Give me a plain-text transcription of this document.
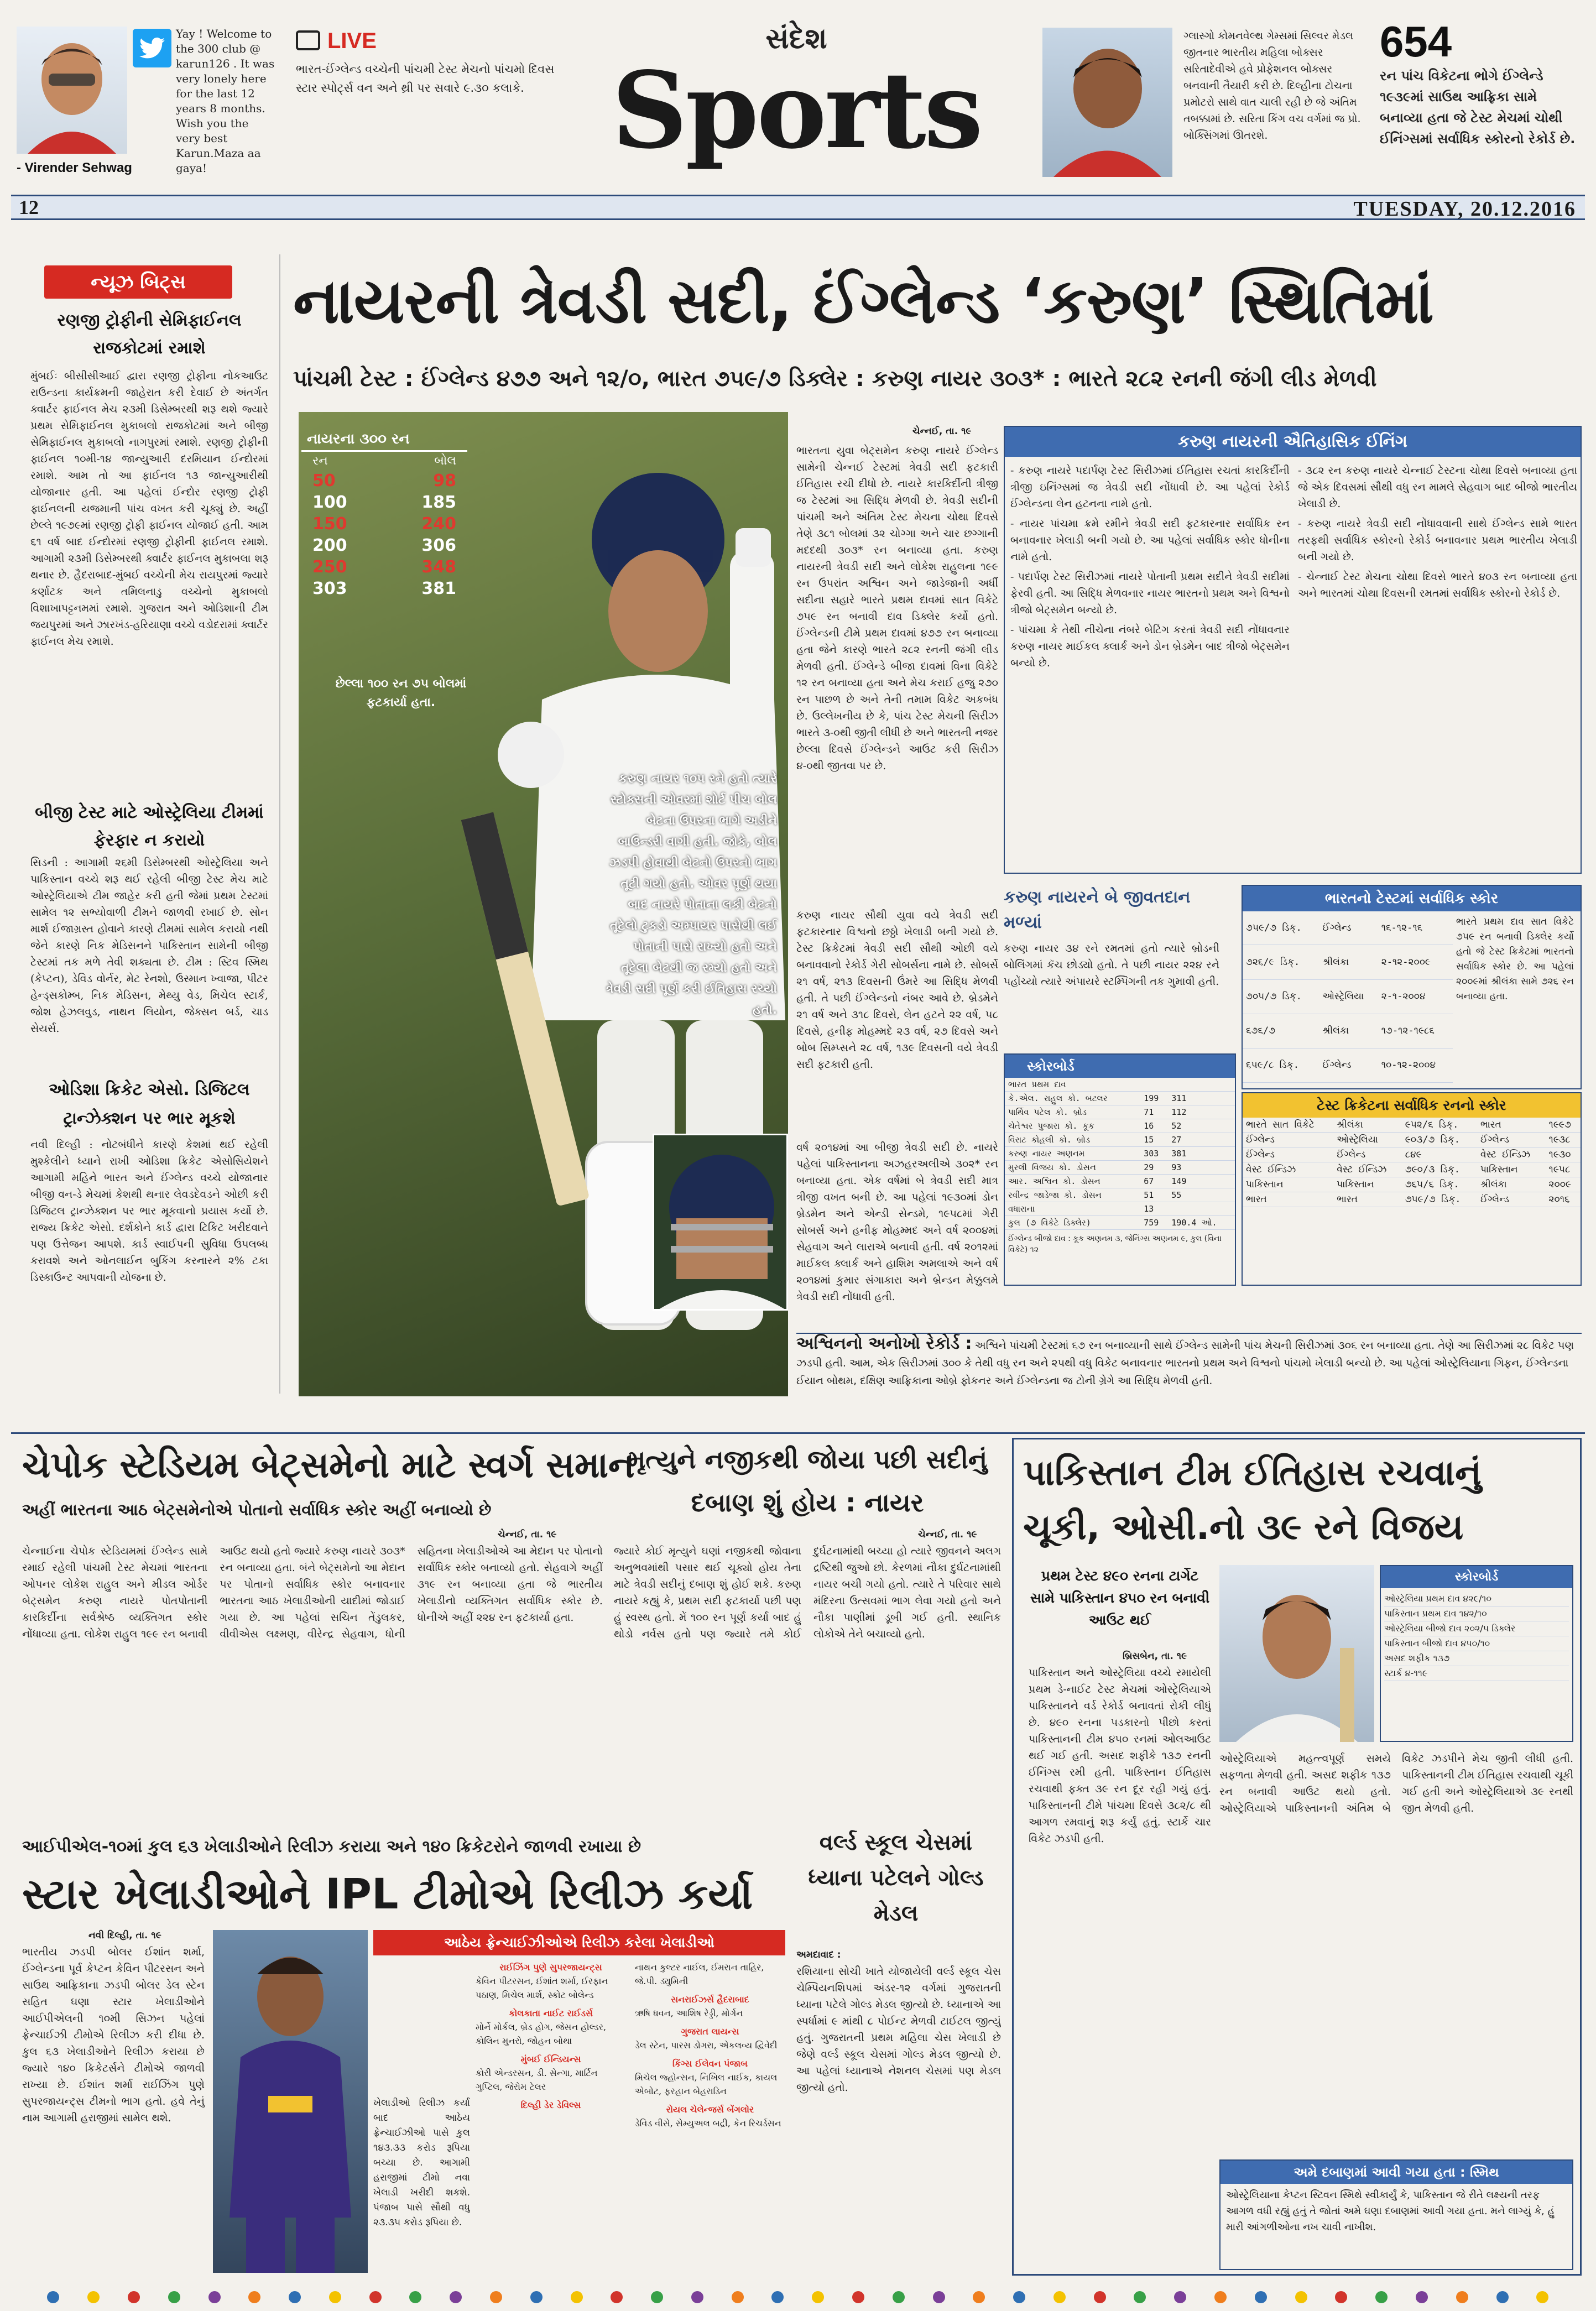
Yay ! Welcome to the 300 club @ karun126 . It was very lonely here for the last 12 years 8 months. Wish you the very best Karun.Maza aa gaya!
- Virender Sehwag
LIVE
ભારત-ઈંગ્લેન્ડ વચ્ચેની પાંચમી ટેસ્ટ મેચનો પાંચમો દિવસ સ્ટાર સ્પોર્ટ્સ વન અને થ્રી પર સવારે ૯.૩૦ કલાકે.
સંદેશ
Sports
ગ્લાસ્ગો કોમનવેલ્થ ગેમ્સમાં સિલ્વર મેડલ જીતનાર ભારતીય મહિલા બોક્સર સરિતાદેવીએ હવે પ્રોફેશનલ બોક્સર બનવાની તૈયારી કરી છે. દિલ્હીના ટોચના પ્રમોટરો સાથે વાત ચાલી રહી છે જે અંતિમ તબક્કામાં છે. સરિતા કિંગ વચ વર્ગમાં જ પ્રો. બોક્સિંગમાં ઊતરશે.
654
રન પાંચ વિકેટના ભોગે ઈંગ્લેન્ડે ૧૯૩૯માં સાઉથ આફ્રિકા સામે બનાવ્યા હતા જે ટેસ્ટ મેચમાં ચોથી ઈનિંગ્સમાં સર્વાધિક સ્કોરનો રેકોર્ડ છે.
12	TUESDAY, 20.12.2016
ન્યૂઝ બિટ્સ
રણજી ટ્રોફીની સેમિફાઈનલ રાજકોટમાં રમાશે
મુંબઈઃ બીસીસીઆઈ દ્વારા રણજી ટ્રોફીના નોકઆઉટ રાઉન્ડના કાર્યક્રમની જાહેરાત કરી દેવાઈ છે અંતર્ગત ક્વાર્ટર ફાઈનલ મેચ ૨૩મી ડિસેમ્બરથી શરૂ થશે જ્યારે પ્રથમ સેમિફાઈનલ મુકાબલો રાજકોટમાં અને બીજી સેમિફાઈનલ મુકાબલો નાગપુરમાં રમાશે. રણજી ટ્રોફીની ફાઈનલ ૧૦મી-૧૪ જાન્યુઆરી દરમિયાન ઈન્દોરમાં રમાશે. આમ તો આ ફાઈનલ ૧૩ જાન્યુઆરીથી યોજાનાર હતી. આ પહેલાં ઈન્દોર રણજી ટ્રોફી ફાઈનલની યજમાની પાંચ વખત કરી ચૂક્યું છે. અહીં છેલ્લે ૧૯૭૯માં રણજી ટ્રોફી ફાઈનલ યોજાઈ હતી. આમ ૬૧ વર્ષ બાદ ઈન્દોરમાં રણજી ટ્રોફીની ફાઈનલ રમાશે. આગામી ૨૩મી ડિસેમ્બરથી ક્વાર્ટર ફાઈનલ મુકાબલા શરૂ થનાર છે. હૈદરાબાદ-મુંબઈ વચ્ચેની મેચ રાયપુરમાં જ્યારે કર્ણાટક અને તમિલનાડુ વચ્ચેનો મુકાબલો વિશાખાપટ્ટનમમાં રમાશે. ગુજરાત અને ઓડિશાની ટીમ જયપુરમાં અને ઝારખંડ-હરિયાણા વચ્ચે વડોદરામાં ક્વાર્ટર ફાઈનલ મેચ રમાશે.
બીજી ટેસ્ટ માટે ઓસ્ટ્રેલિયા ટીમમાં ફેરફાર ન કરાયો
સિડની : આગામી ૨૬મી ડિસેમ્બરથી ઓસ્ટ્રેલિયા અને પાકિસ્તાન વચ્ચે શરૂ થઈ રહેલી બીજી ટેસ્ટ મેચ માટે ઓસ્ટ્રેલિયાએ ટીમ જાહેર કરી હતી જેમાં પ્રથમ ટેસ્ટમાં સામેલ ૧૨ સભ્યોવાળી ટીમને જાળવી રખાઈ છે. સોન માર્શ ઈજાગ્રસ્ત હોવાને કારણે ટીમમાં સામેલ કરાયો નથી જેને કારણે નિક મેડિસનને પાકિસ્તાન સામેની બીજી ટેસ્ટમાં તક મળે તેવી શક્યતા છે. ટીમ : સ્ટિવ સ્મિથ (કેપ્ટન), ડેવિડ વોર્નર, મેટ રેનશો, ઉસ્માન ખ્વાજા, પીટર હેન્ડ્સકોમ્બ, નિક મેડિસન, મેથ્યુ વેડ, મિચેલ સ્ટાર્ક, જોશ હેઝલવુડ, નાથન લિયોન, જેક્સન બર્ડ, ચાડ સેયર્સ.
ઓડિશા ક્રિકેટ એસો. ડિજિટલ ટ્રાન્ઝેક્શન પર ભાર મૂકશે
નવી દિલ્હી : નોટબંધીને કારણે કેશમાં થઈ રહેલી મુશ્કેલીને ધ્યાને રાખી ઓડિશા ક્રિકેટ એસોસિયેશને આગામી મહિને ભારત અને ઈંગ્લેન્ડ વચ્ચે યોજાનાર બીજી વન-ડે મેચમાં કેશથી થનાર લેવડદેવડને ઓછી કરી ડિજિટલ ટ્રાન્ઝેક્શન પર ભાર મૂકવાનો પ્રયાસ કર્યો છે. રાજ્ય ક્રિકેટ એસો. દર્શકોને કાર્ડ દ્વારા ટિકિટ ખરીદવાને પણ ઉત્તેજન આપશે. કાર્ડ સ્વાઈપની સુવિધા ઉપલબ્ધ કરાવશે અને ઓનલાઈન બુકિંગ કરનારને ૨% ટકા ડિસ્કાઉન્ટ આપવાની યોજના છે.
નાયરની ત્રેવડી સદી, ઈંગ્લેન્ડ ‘કરુણ’ સ્થિતિમાં
પાંચમી ટેસ્ટ : ઈંગ્લેન્ડ ૪૭૭ અને ૧૨/૦, ભારત ૭૫૯/૭ ડિક્લેર : કરુણ નાયર ૩૦૩* : ભારતે ૨૮૨ રનની જંગી લીડ મેળવી
નાયરના ૩૦૦ રન
રન	બોલ
50	98
100	185
150	240
200	306
250	348
303	381
છેલ્લા ૧૦૦ રન ૭૫ બોલમાં ફટકાર્યા હતા.
કરુણ નાયર ૧૦૫ રને હતો ત્યારે સ્ટોક્સની ઓવરમાં શોર્ટ પીચ બોલ બેટના ઉપરના ભાગે અડીને બાઉન્ડરી વાગી હતી. જોકે, બોલ ઝડપી હોવાથી બેટનો ઉપરનો ભાગ તૂટી ગયો હતો. ઓવર પૂર્ણ થયા બાદ નાયરે પોતાના લકી બેટનો તૂટેલો ટુકડો અમ્પાયર પાસેથી લઈ પોતાની પાસે રાખ્યો હતો અને તૂટેલા બેટથી જ રમ્યો હતો અને ત્રેવડી સદી પૂર્ણ કરી ઈતિહાસ રચ્યો હતો.
ચેન્નઈ, તા. ૧૯
ભારતના યુવા બેટ્સમેન કરુણ નાયરે ઈંગ્લેન્ડ સામેની ચેન્નઈ ટેસ્ટમાં ત્રેવડી સદી ફટકારી ઈતિહાસ રચી દીધો છે. નાયરે કારકિર્દીની ત્રીજી જ ટેસ્ટમાં આ સિદ્ધિ મેળવી છે. ત્રેવડી સદીની પાંચમી અને અંતિમ ટેસ્ટ મેચના ચોથા દિવસે તેણે ૩૮૧ બોલમાં ૩૨ ચોગ્ગા અને ચાર છગ્ગાની મદદથી ૩૦૩* રન બનાવ્યા હતા. કરુણ નાયરની ત્રેવડી સદી અને લોકેશ રાહુલના ૧૯૯ રન ઉપરાંત અશ્વિન અને જાડેજાની અર્ધી સદીના સહારે ભારતે પ્રથમ દાવમાં સાત વિકેટે ૭૫૯ રન બનાવી દાવ ડિક્લેર કર્યો હતો. ઈંગ્લેન્ડની ટીમે પ્રથમ દાવમાં ૪૭૭ રન બનાવ્યા હતા જેને કારણે ભારતે ૨૮૨ રનની જંગી લીડ મેળવી હતી. ઈંગ્લેન્ડે બીજા દાવમાં વિના વિકેટે ૧૨ રન બનાવ્યા હતા અને મેચ કરાઈ હજુ ૨૭૦ રન પાછળ છે અને તેની તમામ વિકેટ અકબંધ છે. ઉલ્લેખનીય છે કે, પાંચ ટેસ્ટ મેચની સિરીઝ ભારતે ૩-૦થી જીતી લીધી છે અને ભારતની નજર છેલ્લા દિવસે ઈંગ્લેન્ડને આઉટ કરી સિરીઝ ૪-૦થી જીતવા પર છે.
કરુણ નાયર સૌથી યુવા વયે ત્રેવડી સદી ફટકારનાર વિશ્વનો છઠ્ઠો ખેલાડી બની ગયો છે. ટેસ્ટ ક્રિકેટમાં ત્રેવડી સદી સૌથી ઓછી વયે બનાવવાનો રેકોર્ડ ગેરી સોબર્સના નામે છે. સોબર્સે ૨૧ વર્ષ, ૨૧૩ દિવસની ઉંમરે આ સિદ્ધિ મેળવી હતી. તે પછી ઈંગ્લેન્ડનો નંબર આવે છે. બ્રેડમેને ૨૧ વર્ષ અને ૩૧૮ દિવસે, લેન હટને ૨૨ વર્ષ, ૫૮ દિવસે, હનીફ મોહમ્મદે ૨૩ વર્ષ, ૨૭ દિવસે અને બોબ સિમ્પ્સને ૨૮ વર્ષ, ૧૩૯ દિવસની વયે ત્રેવડી સદી ફટકારી હતી.
વર્ષ ૨૦૧૪માં આ બીજી ત્રેવડી સદી છે. નાયરે પહેલાં પાકિસ્તાનના અઝહરઅલીએ ૩૦૨* રન બનાવ્યા હતા. એક વર્ષમાં બે ત્રેવડી સદી માત્ર ત્રીજી વખત બની છે. આ પહેલાં ૧૯૩૦માં ડોન બ્રેડમેન અને એન્ડી સેન્ડમે, ૧૯૫૮માં ગેરી સોબર્સ અને હનીફ મોહમ્મદ અને વર્ષ ૨૦૦૪માં સેહવાગ અને લારાએ બનાવી હતી. વર્ષ ૨૦૧૨માં માઈકલ ક્લાર્ક અને હાશિમ અમલાએ અને વર્ષ ૨૦૧૪માં કુમાર સંગાકારા અને બ્રેન્ડન મેક્કુલમે ત્રેવડી સદી નોંધાવી હતી.
કરુણ નાયરની ઐતિહાસિક ઈનિંગ

- કરુણ નાયરે પદાર્પણ ટેસ્ટ સિરીઝમાં ઈતિહાસ રચતાં કારકિર્દીની ત્રીજી ઇનિંગ્સમાં જ ત્રેવડી સદી નોંધાવી છે. આ પહેલાં રેકોર્ડ ઈંગ્લેન્ડના લેન હટનના નામે હતો.

- નાયર પાંચમા ક્રમે રમીને ત્રેવડી સદી ફટકારનાર સર્વાધિક રન બનાવનાર ખેલાડી બની ગયો છે. આ પહેલાં સર્વાધિક સ્કોર ધોનીના નામે હતો.

- પદાર્પણ ટેસ્ટ સિરીઝમાં નાયરે પોતાની પ્રથમ સદીને ત્રેવડી સદીમાં ફેરવી હતી. આ સિદ્ધિ મેળવનાર નાયર ભારતનો પ્રથમ અને વિશ્વનો ત્રીજો બેટ્સમેન બન્યો છે.

- પાંચમા કે તેથી નીચેના નંબરે બેટિંગ કરતાં ત્રેવડી સદી નોંધાવનાર કરુણ નાયર માઈકલ ક્લાર્ક અને ડોન બ્રેડમેન બાદ ત્રીજો બેટ્સમેન બન્યો છે.

- ૩૮૨ રન કરુણ નાયરે ચેન્નાઈ ટેસ્ટના ચોથા દિવસે બનાવ્યા હતા જે એક દિવસમાં સૌથી વધુ રન મામલે સેહવાગ બાદ બીજો ભારતીય ખેલાડી છે.

- કરુણ નાયરે ત્રેવડી સદી નોંધાવવાની સાથે ઈંગ્લેન્ડ સામે ભારત તરફથી સર્વાધિક સ્કોરનો રેકોર્ડ બનાવનાર પ્રથમ ભારતીય ખેલાડી બની ગયો છે.

- ચેન્નાઈ ટેસ્ટ મેચના ચોથા દિવસે ભારતે ૪૦૩ રન બનાવ્યા હતા અને ભારતમાં ચોથા દિવસની રમતમાં સર્વાધિક સ્કોરનો રેકોર્ડ છે.

કરુણ નાયરને બે જીવતદાન મળ્યાં
કરુણ નાયર ૩૪ રને રમતમાં હતો ત્યારે બ્રોડની બોલિંગમાં કૅચ છોડ્યો હતો. તે પછી નાયર ૨૨૪ રને પહોંચ્યો ત્યારે અંપાયરે સ્ટમ્પિંગની તક ગુમાવી હતી.
સ્કોરબોર્ડ
ભારત પ્રથમ દાવ		
કે.એલ. રાહુલ કો. બટલર	199	311
પાર્થિવ પટેલ કો. બ્રોડ	71	112
ચેતેશ્વર પુજારા કો. કૂક	16	52
વિરાટ કોહલી કો. બ્રોડ	15	27
કરુણ નાયર અણનમ	303	381
મુરલી વિજય કો. ડોસન	29	93
આર. અશ્વિન કો. ડોસન	67	149
રવીન્દ્ર જાડેજા કો. ડોસન	51	55
વધારાના	13	
કુલ (૭ વિકેટે ડિક્લેર)	759	190.4 ઓ.
ઈંગ્લેન્ડ બીજો દાવ : કૂક અણનમ ૩, જેનિંગ્સ અણનમ ૯, કુલ (વિના વિકેટે) ૧૨
ભારતનો ટેસ્ટમાં સર્વાધિક સ્કોર
૭૫૯/૭ ડિક્.	ઈંગ્લેન્ડ	૧૬-૧૨-૧૬
૭૨૬/૯ ડિક્.	શ્રીલંકા	૨-૧૨-૨૦૦૯
૭૦૫/૭ ડિક્.	ઓસ્ટ્રેલિયા	૨-૧-૨૦૦૪
૬૭૬/૭	શ્રીલંકા	૧૭-૧૨-૧૯૮૬
૬૫૯/૮ ડિક્.	ઈંગ્લેન્ડ	૧૦-૧૨-૨૦૦૪
ભારતે પ્રથમ દાવ સાત વિકેટે ૭૫૯ રન બનાવી ડિક્લેર કર્યો હતો જે ટેસ્ટ ક્રિકેટમાં ભારતનો સર્વાધિક સ્કોર છે. આ પહેલાં ૨૦૦૯માં શ્રીલંકા સામે ૭૨૬ રન બનાવ્યા હતા.
ટેસ્ટ ક્રિકેટના સર્વાધિક રનનો સ્કોર
ભારતે સાત વિકેટે	શ્રીલંકા	૯૫૨/૬ ડિક્.	ભારત	૧૯૯૭
ઈંગ્લેન્ડ	ઓસ્ટ્રેલિયા	૯૦૩/૭ ડિક્.	ઈંગ્લેન્ડ	૧૯૩૮
ઈંગ્લેન્ડ	ઈંગ્લેન્ડ	૮૪૯	વેસ્ટ ઈન્ડિઝ	૧૯૩૦
વેસ્ટ ઈન્ડિઝ	વેસ્ટ ઈન્ડિઝ	૭૯૦/૩ ડિક્.	પાકિસ્તાન	૧૯૫૮
પાકિસ્તાન	પાકિસ્તાન	૭૬૫/૬ ડિક્.	શ્રીલંકા	૨૦૦૯
ભારત	ભારત	૭૫૯/૭ ડિક્.	ઈંગ્લેન્ડ	૨૦૧૬
અશ્વિનનો અનોખો રેકોર્ડ : અશ્વિને પાંચમી ટેસ્ટમાં ૬૭ રન બનાવ્યાની સાથે ઈંગ્લેન્ડ સામેની પાંચ મેચની સિરીઝમાં ૩૦૬ રન બનાવ્યા હતા. તેણે આ સિરીઝમાં ૨૮ વિકેટ પણ ઝડપી હતી. આમ, એક સિરીઝમાં ૩૦૦ કે તેથી વધુ રન અને ૨૫થી વધુ વિકેટ બનાવનાર ભારતનો પ્રથમ અને વિશ્વનો પાંચમો ખેલાડી બન્યો છે. આ પહેલાં ઓસ્ટ્રેલિયાના ગિફન, ઈંગ્લેન્ડના ઈયાન બોથમ, દક્ષિણ આફ્રિકાના ઓબ્રે ફોકનર અને ઈંગ્લેન્ડના જ ટોની ગ્રેગે આ સિદ્ધિ મેળવી હતી.
ચેપોક સ્ટેડિયમ બેટ્સમેનો માટે સ્વર્ગ સમાન
અહીં ભારતના આઠ બેટ્સમેનોએ પોતાનો સર્વાધિક સ્કોર અહીં બનાવ્યો છે
ચેન્નઈ, તા. ૧૯
ચેન્નાઈના ચેપોક સ્ટેડિયમમાં ઈંગ્લેન્ડ સામે રમાઈ રહેલી પાંચમી ટેસ્ટ મેચમાં ભારતના ઓપનર લોકેશ રાહુલ અને મીડલ ઓર્ડર બેટ્સમેન કરુણ નાયરે પોતપોતાની કારકિર્દીના સર્વશ્રેષ્ઠ વ્યક્તિગત સ્કોર નોંધાવ્યા હતા. લોકેશ રાહુલ ૧૯૯ રન બનાવી આઉટ થયો હતો જ્યારે કરુણ નાયરે ૩૦૩* રન બનાવ્યા હતા. બંને બેટ્સમેનો આ મેદાન પર પોતાનો સર્વાધિક સ્કોર બનાવનાર ભારતના આઠ ખેલાડીઓની યાદીમાં જોડાઈ ગયા છે. આ પહેલાં સચિન તેંડુલકર, વીવીએસ લક્ષ્મણ, વીરેન્દ્ર સેહવાગ, ધોની સહિતના ખેલાડીઓએ આ મેદાન પર પોતાનો સર્વાધિક સ્કોર બનાવ્યો હતો. સેહવાગે અહીં ૩૧૯ રન બનાવ્યા હતા જે ભારતીય ખેલાડીનો વ્યક્તિગત સર્વાધિક સ્કોર છે. ધોનીએ અહીં ૨૨૪ રન ફટકાર્યા હતા.
મૃત્યુને નજીકથી જોયા પછી સદીનું દબાણ શું હોય : નાયર
ચેન્નઈ, તા. ૧૯
જ્યારે કોઈ મૃત્યુને ઘણાં નજીકથી જોવાના અનુભવમાંથી પસાર થઈ ચૂક્યો હોય તેના માટે ત્રેવડી સદીનું દબાણ શું હોઈ શકે. કરુણ નાયરે કહ્યું કે, પ્રથમ સદી ફટકાર્યા પછી પણ હું સ્વસ્થ હતો. મેં ૧૦૦ રન પૂર્ણ કર્યા બાદ હું થોડો નર્વસ હતો પણ જ્યારે તમે કોઈ દુર્ઘટનામાંથી બચ્યા હો ત્યારે જીવનને અલગ દ્રષ્ટિથી જુઓ છો. કેરળમાં નૌકા દુર્ઘટનામાંથી નાયર બચી ગયો હતો. ત્યારે તે પરિવાર સાથે મંદિરના ઉત્સવમાં ભાગ લેવા ગયો હતો અને નૌકા પાણીમાં ડૂબી ગઈ હતી. સ્થાનિક લોકોએ તેને બચાવ્યો હતો.
આઈપીએલ-૧૦માં કુલ ૬૩ ખેલાડીઓને રિલીઝ કરાયા અને ૧૪૦ ક્રિકેટરોને જાળવી રખાયા છે
સ્ટાર ખેલાડીઓને IPL ટીમોએ રિલીઝ કર્યા
નવી દિલ્હી, તા. ૧૯
ભારતીય ઝડપી બોલર ઈશાંત શર્મા, ઈંગ્લેન્ડના પૂર્વ કેપ્ટન કેવિન પીટરસન અને સાઉથ આફ્રિકાના ઝડપી બોલર ડેલ સ્ટેન સહિત ઘણા સ્ટાર ખેલાડીઓને આઈપીએલની ૧૦મી સિઝન પહેલાં ફ્રેન્ચાઈઝી ટીમોએ રિલીઝ કરી દીધા છે. કુલ ૬૩ ખેલાડીઓને રિલીઝ કરાયા છે જ્યારે ૧૪૦ ક્રિકેટર્સને ટીમોએ જાળવી રાખ્યા છે. ઈશાંત શર્મા રાઈઝિંગ પુણે સુપરજાયન્ટ્સ ટીમનો ભાગ હતો. હવે તેનું નામ આગામી હરાજીમાં સામેલ થશે.
ખેલાડીઓ રિલીઝ કર્યા બાદ આઠેય ફ્રેન્ચાઈઝીઓ પાસે કુલ ૧૪૩.૩૩ કરોડ રૂપિયા બચ્યા છે. આગામી હરાજીમાં ટીમો નવા ખેલાડી ખરીદી શકશે. પંજાબ પાસે સૌથી વધુ ૨૩.૩૫ કરોડ રૂપિયા છે.
આઠેય ફ્રેન્ચાઈઝીઓએ રિલીઝ કરેલા ખેલાડીઓ
રાઈઝિંગ પુણે સુપરજાયન્ટ્સ
કેવિન પીટરસન, ઈશાંત શર્મા, ઈરફાન પઠાણ, મિચેલ માર્શ, સ્કોટ બોલેન્ડ
કોલકાતા નાઈટ રાઈડર્સ
મોર્ને મોર્કલ, બ્રેડ હોગ, જેસન હોલ્ડર, કોલિન મુનરો, જોહન બોથા
મુંબઈ ઈન્ડિયન્સ
કોરી એન્ડરસન, ડી. સેન્ગા, માર્ટિન ગુપ્ટિલ, જેરોમ ટેલર
દિલ્હી ડેર ડેવિલ્સ
નાથન કુલ્ટર નાઈલ, ઈમરાન તાહિર, જે.પી. ડ્યુમિની
સનરાઈઝર્સ હૈદરાબાદ
ઋષિ ધવન, આશિષ રેડ્ડી, મોર્ગન
ગુજરાત લાયન્સ
ડેલ સ્ટેન, પારસ ડોગરા, એકલવ્ય દ્વિવેદી
કિંગ્સ ઈલેવન પંજાબ
મિચેલ જ્હોન્સન, નિખિલ નાઈક, કાયલ એબોટ, ફરહાન બેહરાડિન
રોયલ ચેલેન્જર્સ બેંગલોર
ડેવિડ વીસે, સેમ્યુઅલ બદ્રી, કેન રિચર્ડસન
વર્લ્ડ સ્કૂલ ચેસમાં ધ્યાના પટેલને ગોલ્ડ મેડલ
અમદાવાદ :
રશિયાના સોચી ખાતે યોજાયેલી વર્લ્ડ સ્કૂલ ચેસ ચેમ્પિયનશિપમાં અંડર-૧૨ વર્ગમાં ગુજરાતની ધ્યાના પટેલે ગોલ્ડ મેડલ જીત્યો છે. ધ્યાનાએ આ સ્પર્ધામાં ૯ માંથી ૮ પોઈન્ટ મેળવી ટાઈટલ જીત્યું હતું. ગુજરાતની પ્રથમ મહિલા ચેસ ખેલાડી છે જેણે વર્લ્ડ સ્કૂલ ચેસમાં ગોલ્ડ મેડલ જીત્યો છે. આ પહેલાં ધ્યાનાએ નેશનલ ચેસમાં પણ મેડલ જીત્યો હતો.
પાકિસ્તાન ટીમ ઈતિહાસ રચવાનું ચૂકી, ઓસી.નો ૩૯ રને વિજય
પ્રથમ ટેસ્ટ ૪૯૦ રનના ટાર્ગેટ સામે પાકિસ્તાન ૪૫૦ રન બનાવી આઉટ થઈ
બ્રિસબેન, તા. ૧૯
પાકિસ્તાન અને ઓસ્ટ્રેલિયા વચ્ચે રમાયેલી પ્રથમ ડે-નાઈટ ટેસ્ટ મેચમાં ઓસ્ટ્રેલિયાએ પાકિસ્તાનને વર્ડ રેકોર્ડ બનાવતાં રોકી લીધું છે. ૪૯૦ રનના પડકારનો પીછો કરતાં પાકિસ્તાનની ટીમ ૪૫૦ રનમાં ઓલઆઉટ થઈ ગઈ હતી. અસદ શફીકે ૧૩૭ રનની ઈનિંગ્સ રમી હતી. પાકિસ્તાન ઈતિહાસ રચવાથી ફક્ત ૩૯ રન દૂર રહી ગયું હતું. પાકિસ્તાનની ટીમે પાંચમા દિવસે ૩૮૨/૮ થી આગળ રમવાનું શરૂ કર્યું હતું. સ્ટાર્કે ચાર વિકેટ ઝડપી હતી.
સ્કોરબોર્ડ
ઓસ્ટ્રેલિયા પ્રથમ દાવ ૪૨૯/૧૦
પાકિસ્તાન પ્રથમ દાવ ૧૪૨/૧૦
ઓસ્ટ્રેલિયા બીજો દાવ ૨૦૨/૫ ડિક્લેર
પાકિસ્તાન બીજો દાવ ૪૫૦/૧૦
અસદ શફીક ૧૩૭
સ્ટાર્ક ૪-૧૧૯
ઓસ્ટ્રેલિયાએ મહત્ત્વપૂર્ણ સમયે સફળતા મેળવી હતી. અસદ શફીક ૧૩૭ રન બનાવી આઉટ થયો હતો. ઓસ્ટ્રેલિયાએ પાકિસ્તાનની અંતિમ બે વિકેટ ઝડપીને મેચ જીતી લીધી હતી. પાકિસ્તાનની ટીમ ઈતિહાસ રચવાથી ચૂકી ગઈ હતી અને ઓસ્ટ્રેલિયાએ ૩૯ રનથી જીત મેળવી હતી.
અમે દબાણમાં આવી ગયા હતા : સ્મિથ
ઓસ્ટ્રેલિયાના કેપ્ટન સ્ટિવન સ્મિથે સ્વીકાર્યું કે, પાકિસ્તાન જે રીતે લક્ષ્યની તરફ આગળ વધી રહ્યું હતું તે જોતાં અમે ઘણા દબાણમાં આવી ગયા હતા. મને લાગ્યું કે, હું મારી આંગળીઓના નખ ચાવી નાખીશ.
